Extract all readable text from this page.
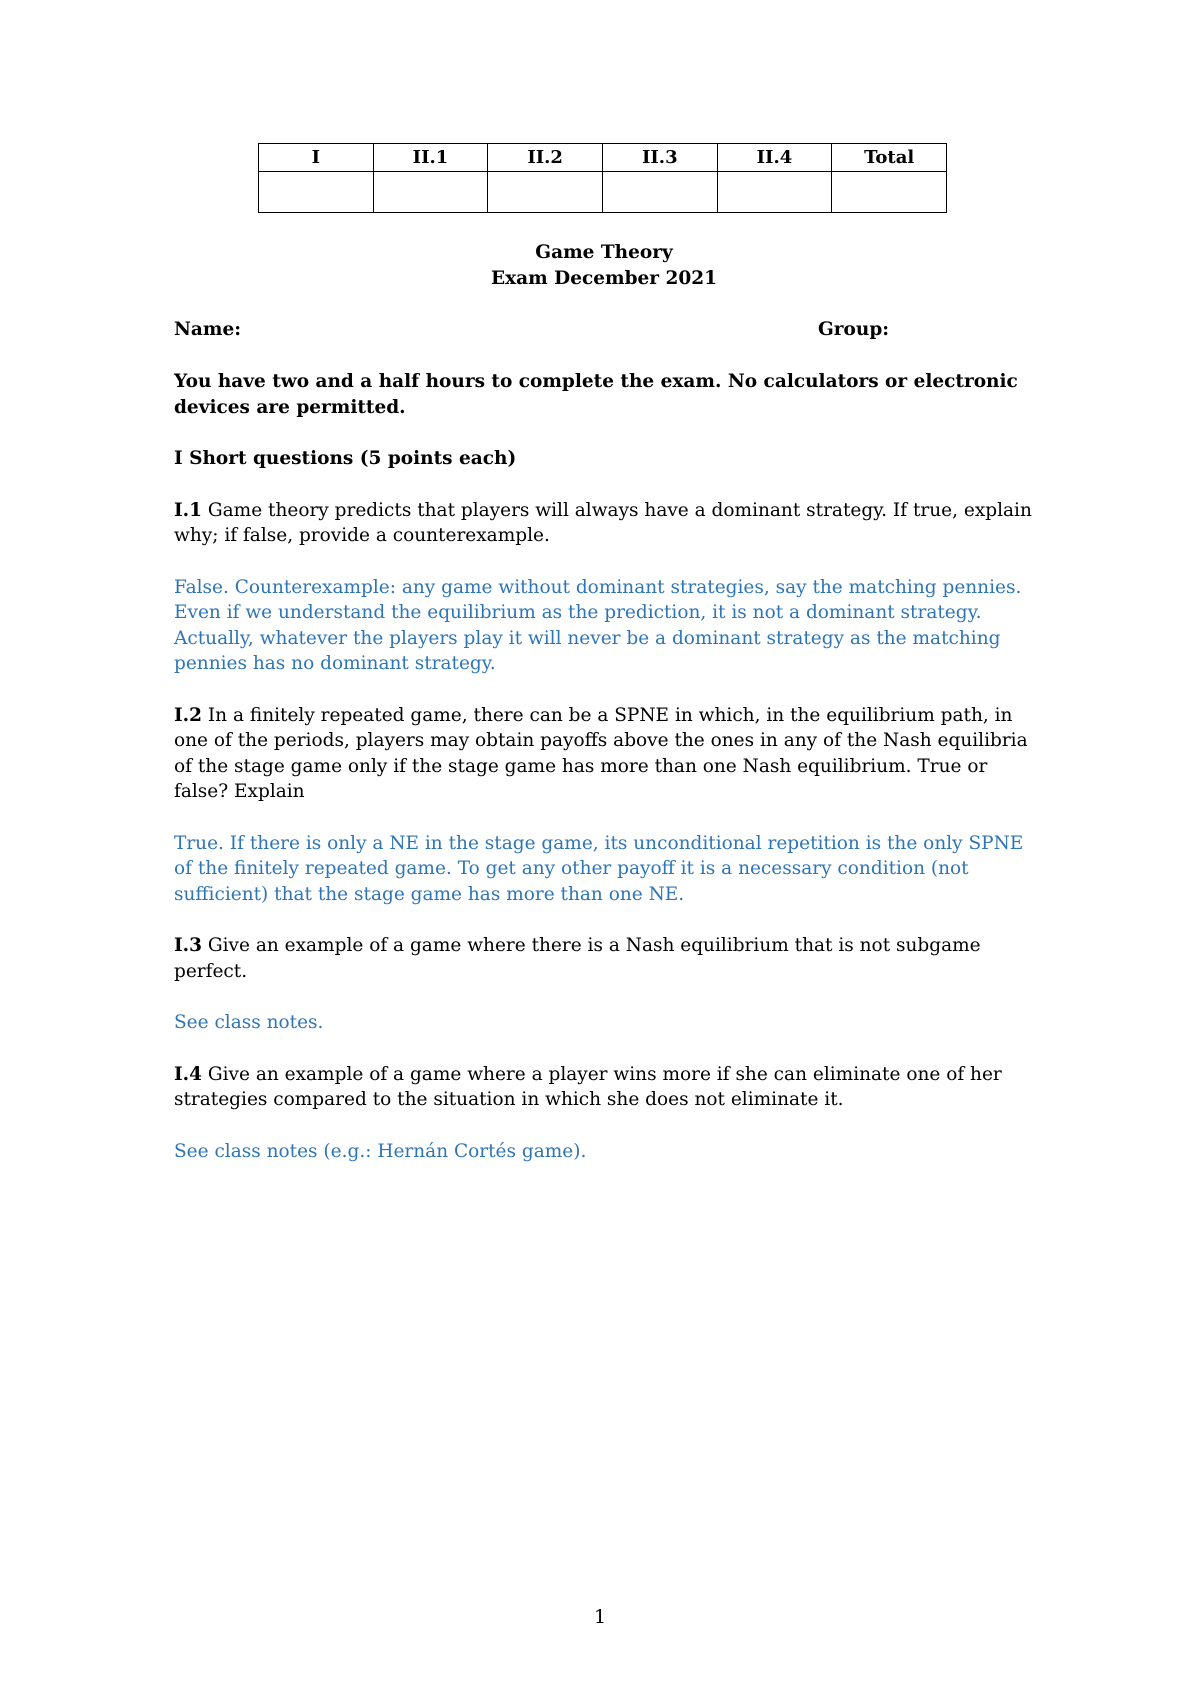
I	II.1	II.2	II.3	II.4	Total

Game Theory

Exam December 2021

Name:	Group:

You have two and a half hours to complete the exam. No calculators or electronic devices are permitted.

I Short questions (5 points each)

I.1 Game theory predicts that players will always have a dominant strategy. If true, explain why; if false, provide a counterexample.

False. Counterexample: any game without dominant strategies, say the matching pennies. Even if we understand the equilibrium as the prediction, it is not a dominant strategy. Actually, whatever the players play it will never be a dominant strategy as the matching pennies has no dominant strategy.

I.2 In a finitely repeated game, there can be a SPNE in which, in the equilibrium path, in one of the periods, players may obtain payoffs above the ones in any of the Nash equilibria of the stage game only if the stage game has more than one Nash equilibrium. True or false? Explain

True. If there is only a NE in the stage game, its unconditional repetition is the only SPNE of the finitely repeated game. To get any other payoff it is a necessary condition (not sufficient) that the stage game has more than one NE.

I.3 Give an example of a game where there is a Nash equilibrium that is not subgame perfect.

See class notes.

I.4 Give an example of a game where a player wins more if she can eliminate one of her strategies compared to the situation in which she does not eliminate it.

See class notes (e.g.: Hernán Cortés game).

1
